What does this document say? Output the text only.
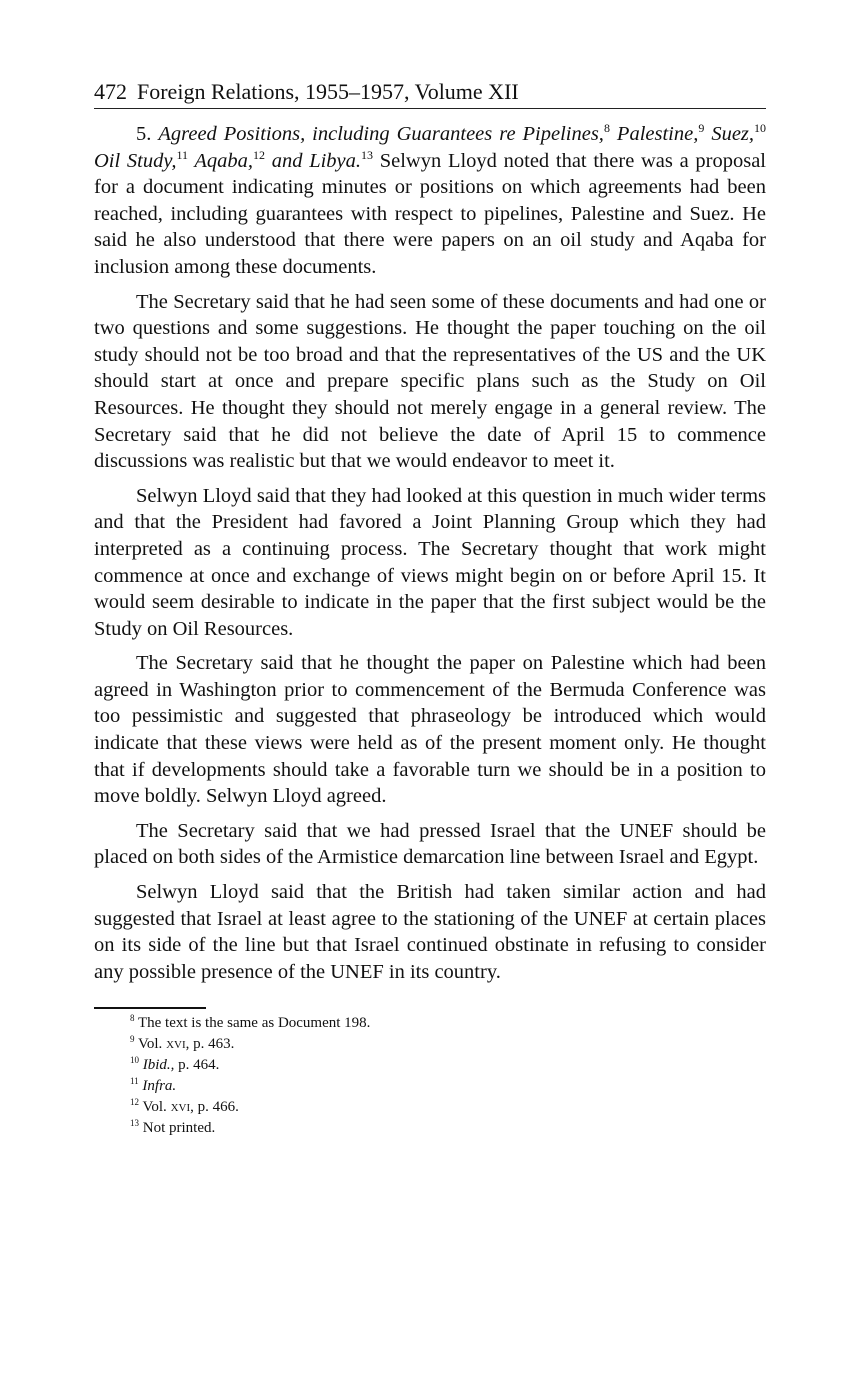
472 Foreign Relations, 1955–1957, Volume XII

5. Agreed Positions, including Guarantees re Pipelines,$^8$ Palestine,$^9$ Suez,$^{10}$ Oil Study,$^{11}$ Aqaba,$^{12}$ and Libya.$^{13}$ Selwyn Lloyd noted that there was a proposal for a document indicating minutes or positions on which agreements had been reached, including guarantees with respect to pipelines, Palestine and Suez. He said he also understood that there were papers on an oil study and Aqaba for inclusion among these documents.

The Secretary said that he had seen some of these documents and had one or two questions and some suggestions. He thought the paper touching on the oil study should not be too broad and that the representatives of the US and the UK should start at once and prepare specific plans such as the Study on Oil Resources. He thought they should not merely engage in a general review. The Secretary said that he did not believe the date of April 15 to commence discussions was realistic but that we would endeavor to meet it.

Selwyn Lloyd said that they had looked at this question in much wider terms and that the President had favored a Joint Planning Group which they had interpreted as a continuing process. The Secretary thought that work might commence at once and exchange of views might begin on or before April 15. It would seem desirable to indicate in the paper that the first subject would be the Study on Oil Resources.

The Secretary said that he thought the paper on Palestine which had been agreed in Washington prior to commencement of the Bermuda Conference was too pessimistic and suggested that phraseology be introduced which would indicate that these views were held as of the present moment only. He thought that if developments should take a favorable turn we should be in a position to move boldly. Selwyn Lloyd agreed.

The Secretary said that we had pressed Israel that the UNEF should be placed on both sides of the Armistice demarcation line between Israel and Egypt.

Selwyn Lloyd said that the British had taken similar action and had suggested that Israel at least agree to the stationing of the UNEF at certain places on its side of the line but that Israel continued obstinate in refusing to consider any possible presence of the UNEF in its country.

$^8$ The text is the same as Document 198.
$^9$ Vol. xvi, p. 463.
$^{10}$ Ibid., p. 464.
$^{11}$ Infra.
$^{12}$ Vol. xvi, p. 466.
$^{13}$ Not printed.
